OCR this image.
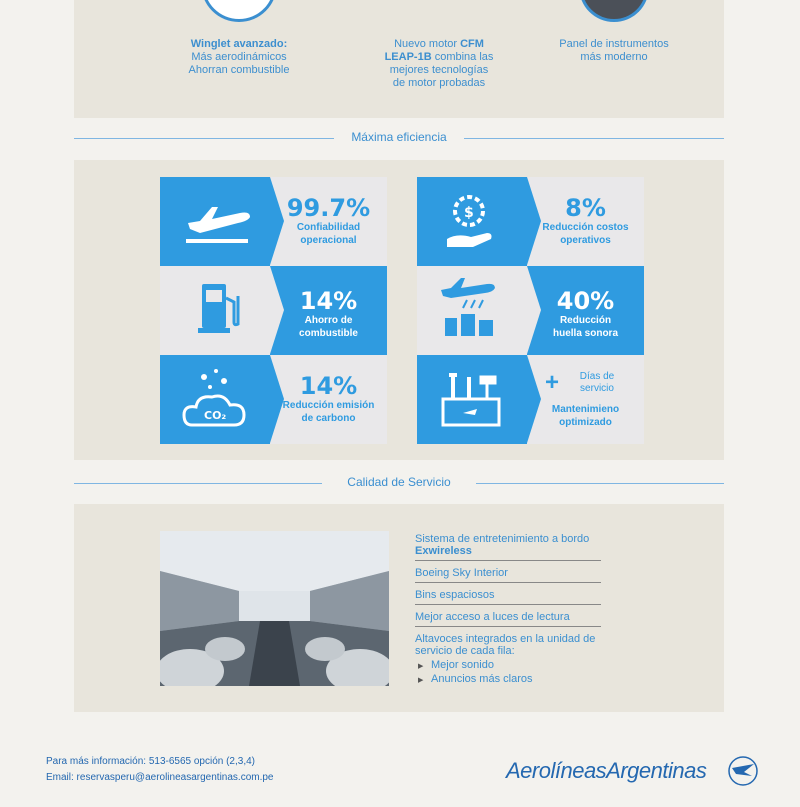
Winglet avanzado:
Más aerodinámicos
Ahorran combustible
Nuevo motor CFM
LEAP-1B combina las
mejores tecnologías
de motor probadas
Panel de instrumentos
más moderno
Máxima eficiencia
99.7%
Confiabilidad
operacional
14%
Ahorro de
combustible
CO₂
14%
Reducción emisión
de carbono
$	8%
Reducción costos
operativos
40%
Reducción
huella sonora
+	Días de
servicio
Mantenimieno
optimizado
Calidad de Servicio
Sistema de entretenimiento a bordo
Exwireless
Boeing Sky Interior
Bins espaciosos
Mejor acceso a luces de lectura
Altavoces integrados en la unidad de
servicio de cada fila:
▶ Mejor sonido
▶ Anuncios más claros
Para más información: 513-6565 opción (2,3,4)
Email: reservasperu@aerolineasargentinas.com.pe	AerolíneasArgentinas
